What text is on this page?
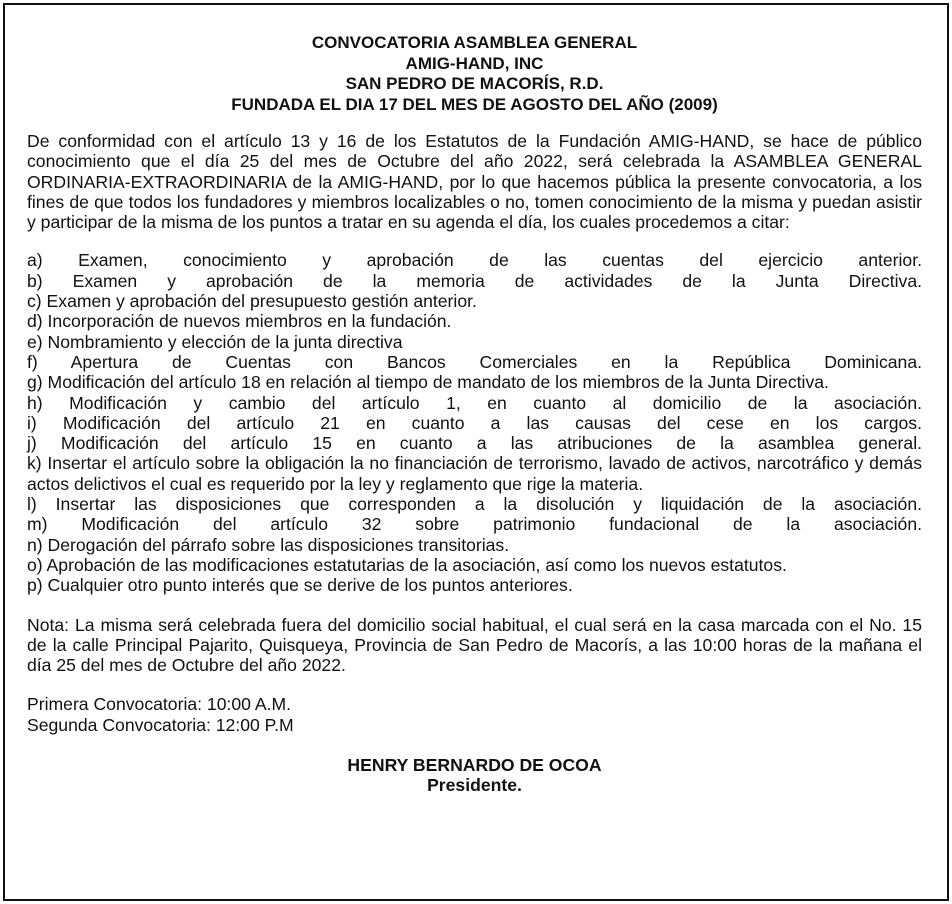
CONVOCATORIA ASAMBLEA GENERAL
AMIG-HAND, INC
SAN PEDRO DE MACORÍS, R.D.
FUNDADA EL DIA 17 DEL MES DE AGOSTO DEL AÑO (2009)
De conformidad con el artículo 13 y 16 de los Estatutos de la Fundación AMIG-HAND, se hace de público conocimiento que el día 25 del mes de Octubre del año 2022, será celebrada la ASAMBLEA GENERAL ORDINARIA-EXTRAORDINARIA de la AMIG-HAND, por lo que hacemos pública la presente convocatoria, a los fines de que todos los fundadores y miembros localizables o no, tomen conocimiento de la misma y puedan asistir y participar de la misma de los puntos a tratar en su agenda el día, los cuales procedemos a citar:
a) Examen, conocimiento y aprobación de las cuentas del ejercicio anterior.
b) Examen y aprobación de la memoria de actividades de la Junta Directiva.
c) Examen y aprobación del presupuesto gestión anterior.
d) Incorporación de nuevos miembros en la fundación.
e) Nombramiento y elección de la junta directiva
f) Apertura de Cuentas con Bancos Comerciales en la República Dominicana.
g) Modificación del artículo 18 en relación al tiempo de mandato de los miembros de la Junta Directiva.
h) Modificación y cambio del artículo 1, en cuanto al domicilio de la asociación.
i) Modificación del artículo 21 en cuanto a las causas del cese en los cargos.
j) Modificación del artículo 15 en cuanto a las atribuciones de la asamblea general.
k) Insertar el artículo sobre la obligación la no financiación de terrorismo, lavado de activos, narcotráfico y demás actos delictivos el cual es requerido por la ley y reglamento que rige la materia.
l) Insertar las disposiciones que corresponden a la disolución y liquidación de la asociación.
m) Modificación del artículo 32 sobre patrimonio fundacional de la asociación.
n) Derogación del párrafo sobre las disposiciones transitorias.
o) Aprobación de las modificaciones estatutarias de la asociación, así como los nuevos estatutos.
p) Cualquier otro punto interés que se derive de los puntos anteriores.
Nota: La misma será celebrada fuera del domicilio social habitual, el cual será en la casa marcada con el No. 15 de la calle Principal Pajarito, Quisqueya, Provincia de San Pedro de Macorís, a las 10:00 horas de la mañana el día 25 del mes de Octubre del año 2022.
Primera Convocatoria: 10:00 A.M.
Segunda Convocatoria: 12:00 P.M
HENRY BERNARDO DE OCOA
Presidente.
